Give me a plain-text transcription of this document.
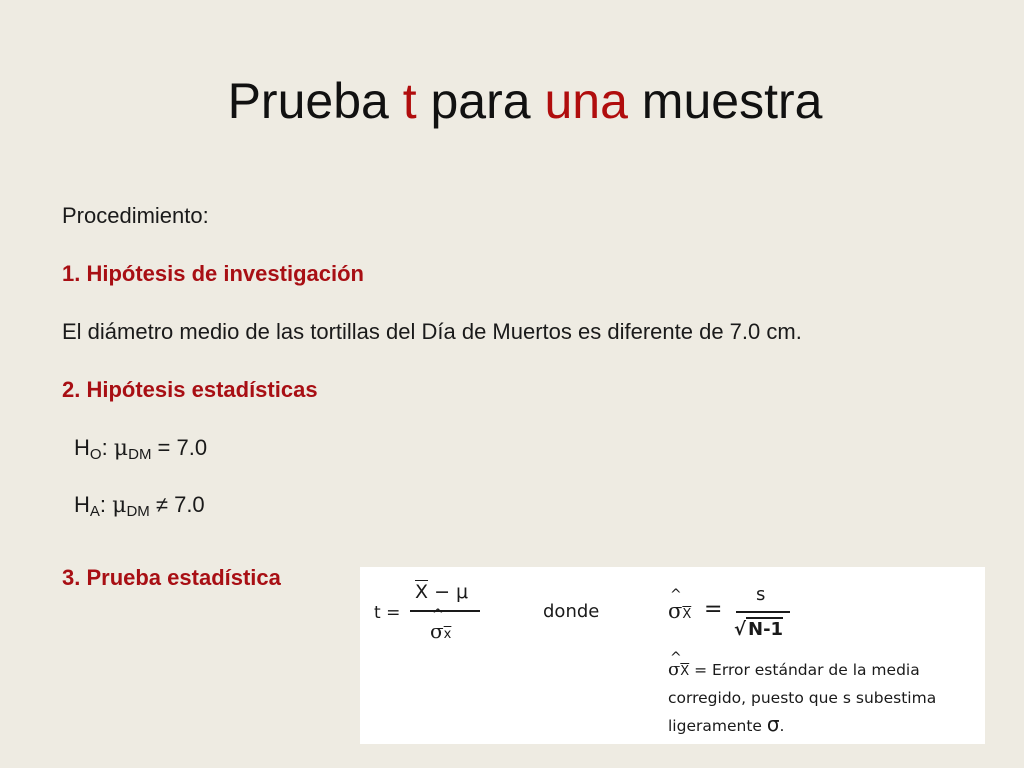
Prueba t para una muestra
Procedimiento:
1. Hipótesis de investigación
El diámetro medio de las tortillas del Día de Muertos es diferente de 7.0 cm.
2. Hipótesis estadísticas
$H_O$: $\mu_{DM} = 7.0$
$H_A$: $\mu_{DM} \ne 7.0$
3. Prueba estadística
t =
$\overline{X} - \mu$
^ $\sigma\overline{x}$
donde	^ $\sigma\overline{X}$ =
s
√ N-1
^ $\sigma\overline{X}$ = Error estándar de la media
corregido, puesto que s subestima
ligeramente σ.
